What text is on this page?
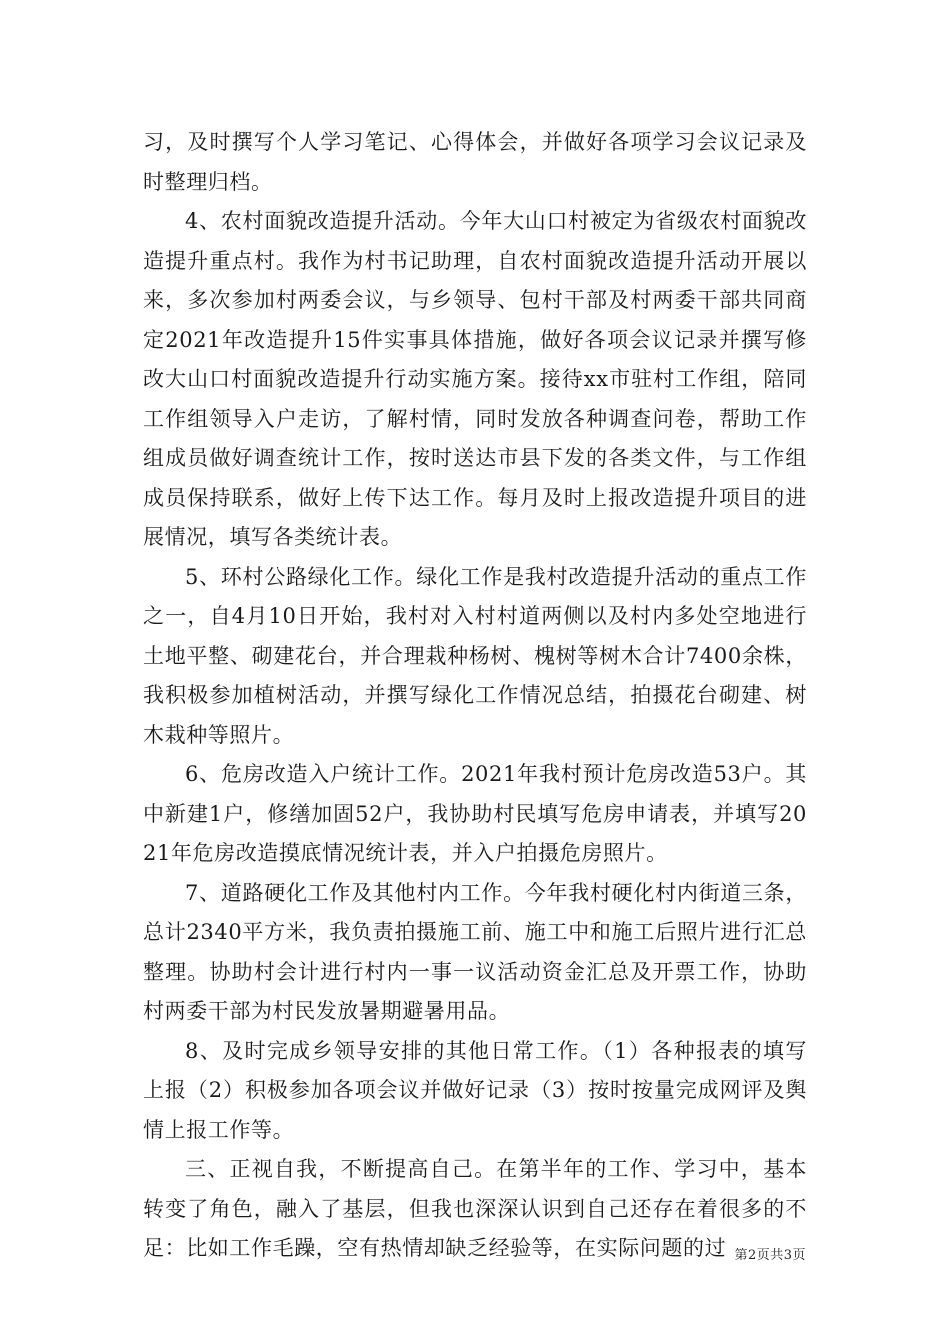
习，及时撰写个人学习笔记、心得体会，并做好各项学习会议记录及时整理归档。

4、农村面貌改造提升活动。今年大山口村被定为省级农村面貌改造提升重点村。我作为村书记助理，自农村面貌改造提升活动开展以来，多次参加村两委会议，与乡领导、包村干部及村两委干部共同商定2021年改造提升15件实事具体措施，做好各项会议记录并撰写修改大山口村面貌改造提升行动实施方案。接待xx市驻村工作组，陪同工作组领导入户走访，了解村情，同时发放各种调查问卷，帮助工作组成员做好调查统计工作，按时送达市县下发的各类文件，与工作组成员保持联系，做好上传下达工作。每月及时上报改造提升项目的进展情况，填写各类统计表。

5、环村公路绿化工作。绿化工作是我村改造提升活动的重点工作之一，自4月10日开始，我村对入村村道两侧以及村内多处空地进行土地平整、砌建花台，并合理栽种杨树、槐树等树木合计7400余株，我积极参加植树活动，并撰写绿化工作情况总结，拍摄花台砌建、树木栽种等照片。

6、危房改造入户统计工作。2021年我村预计危房改造53户。其中新建1户，修缮加固52户，我协助村民填写危房申请表，并填写2021年危房改造摸底情况统计表，并入户拍摄危房照片。

7、道路硬化工作及其他村内工作。今年我村硬化村内街道三条，总计2340平方米，我负责拍摄施工前、施工中和施工后照片进行汇总整理。协助村会计进行村内一事一议活动资金汇总及开票工作，协助村两委干部为村民发放暑期避暑用品。

8、及时完成乡领导安排的其他日常工作。（1）各种报表的填写上报（2）积极参加各项会议并做好记录（3）按时按量完成网评及舆情上报工作等。

三、正视自我，不断提高自己。在第半年的工作、学习中，基本转变了角色，融入了基层，但我也深深认识到自己还存在着很多的不足：比如工作毛躁，空有热情却缺乏经验等，在实际问题的过 第2页共3页
